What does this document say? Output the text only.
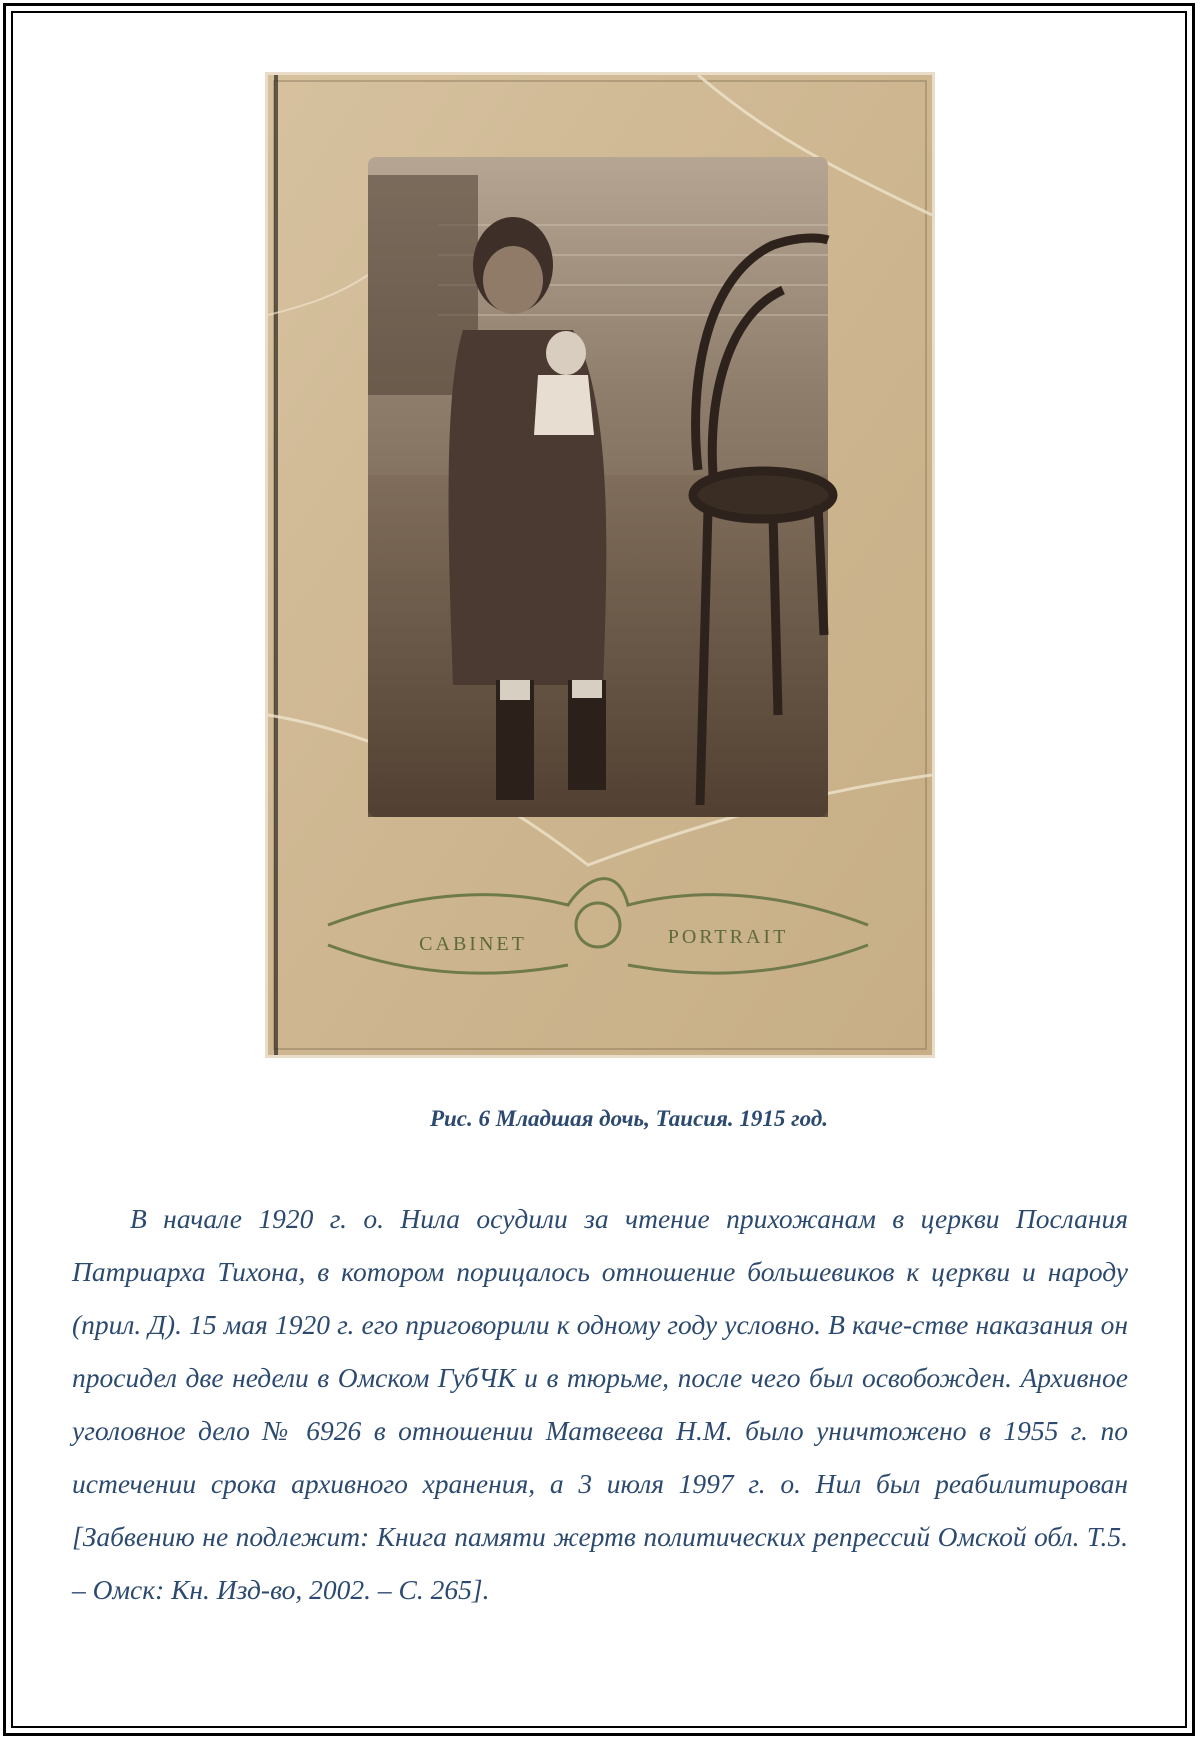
CABINET	PORTRAIT
Рис. 6 Младшая дочь, Таисия. 1915 год.

В начале 1920 г. о. Нила осудили за чтение прихожанам в церкви Послания Патриарха Тихона, в котором порицалось отношение большевиков к церкви и народу (прил. Д). 15 мая 1920 г. его приговорили к одному году условно. В каче-стве наказания он просидел две недели в Омском ГубЧК и в тюрьме, после чего был освобожден. Архивное уголовное дело № 6926 в отношении Матвеева Н.М. было уничтожено в 1955 г. по истечении срока архивного хранения, а 3 июля 1997 г. о. Нил был реабилитирован [Забвению не подлежит: Книга памяти жертв политических репрессий Омской обл. Т.5. – Омск: Кн. Изд-во, 2002. – С. 265].
